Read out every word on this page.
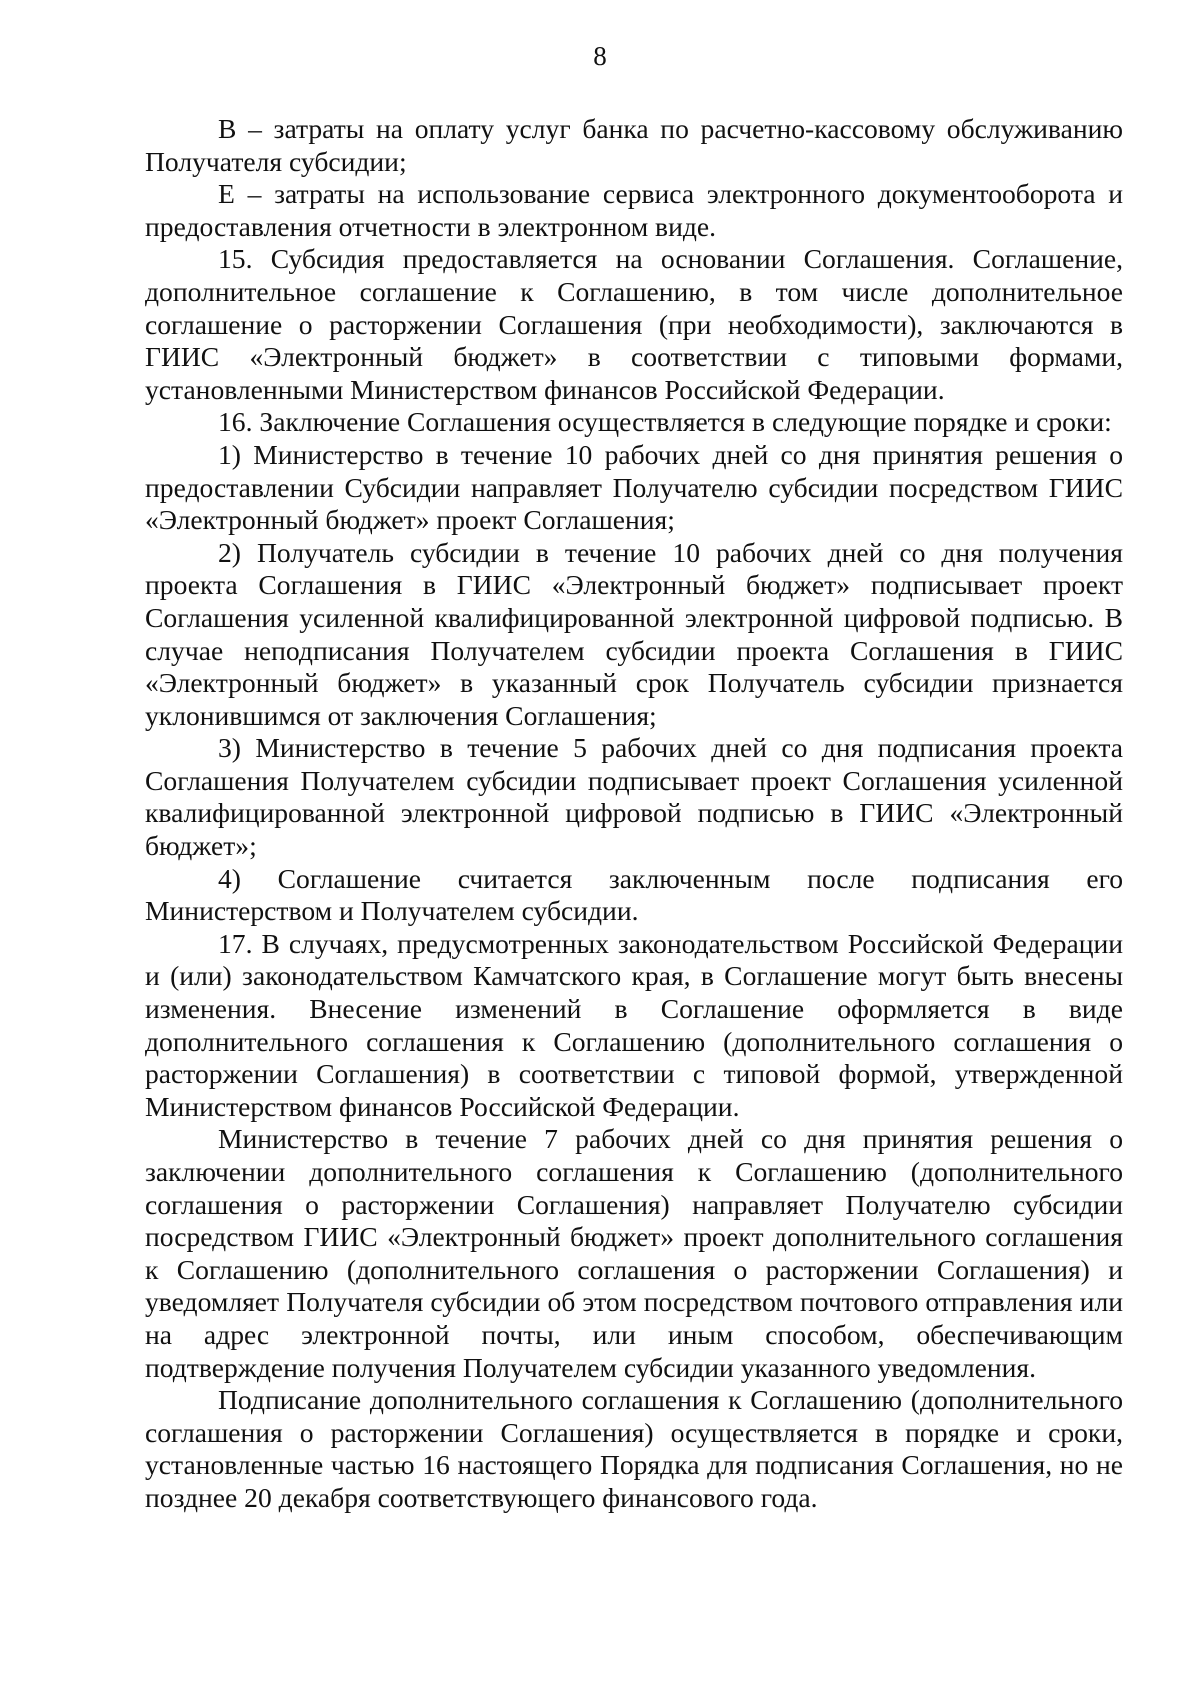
8

В – затраты на оплату услуг банка по расчетно-кассовому обслуживанию Получателя субсидии;

Е – затраты на использование сервиса электронного документооборота и предоставления отчетности в электронном виде.

15. Субсидия предоставляется на основании Соглашения. Соглашение, дополнительное соглашение к Соглашению, в том числе дополнительное соглашение о расторжении Соглашения (при необходимости), заключаются в ГИИС «Электронный бюджет» в соответствии с типовыми формами, установленными Министерством финансов Российской Федерации.

16. Заключение Соглашения осуществляется в следующие порядке и сроки:

1) Министерство в течение 10 рабочих дней со дня принятия решения о предоставлении Субсидии направляет Получателю субсидии посредством ГИИС «Электронный бюджет» проект Соглашения;

2) Получатель субсидии в течение 10 рабочих дней со дня получения проекта Соглашения в ГИИС «Электронный бюджет» подписывает проект Соглашения усиленной квалифицированной электронной цифровой подписью. В случае неподписания Получателем субсидии проекта Соглашения в ГИИС «Электронный бюджет» в указанный срок Получатель субсидии признается уклонившимся от заключения Соглашения;

3) Министерство в течение 5 рабочих дней со дня подписания проекта Соглашения Получателем субсидии подписывает проект Соглашения усиленной квалифицированной электронной цифровой подписью в ГИИС «Электронный бюджет»;

4) Соглашение считается заключенным после подписания его Министерством и Получателем субсидии.

17. В случаях, предусмотренных законодательством Российской Федерации и (или) законодательством Камчатского края, в Соглашение могут быть внесены изменения. Внесение изменений в Соглашение оформляется в виде дополнительного соглашения к Соглашению (дополнительного соглашения о расторжении Соглашения) в соответствии с типовой формой, утвержденной Министерством финансов Российской Федерации.

Министерство в течение 7 рабочих дней со дня принятия решения о заключении дополнительного соглашения к Соглашению (дополнительного соглашения о расторжении Соглашения) направляет Получателю субсидии посредством ГИИС «Электронный бюджет» проект дополнительного соглашения к Соглашению (дополнительного соглашения о расторжении Соглашения) и уведомляет Получателя субсидии об этом посредством почтового отправления или на адрес электронной почты, или иным способом, обеспечивающим подтверждение получения Получателем субсидии указанного уведомления.

Подписание дополнительного соглашения к Соглашению (дополнительного соглашения о расторжении Соглашения) осуществляется в порядке и сроки, установленные частью 16 настоящего Порядка для подписания Соглашения, но не позднее 20 декабря соответствующего финансового года.
